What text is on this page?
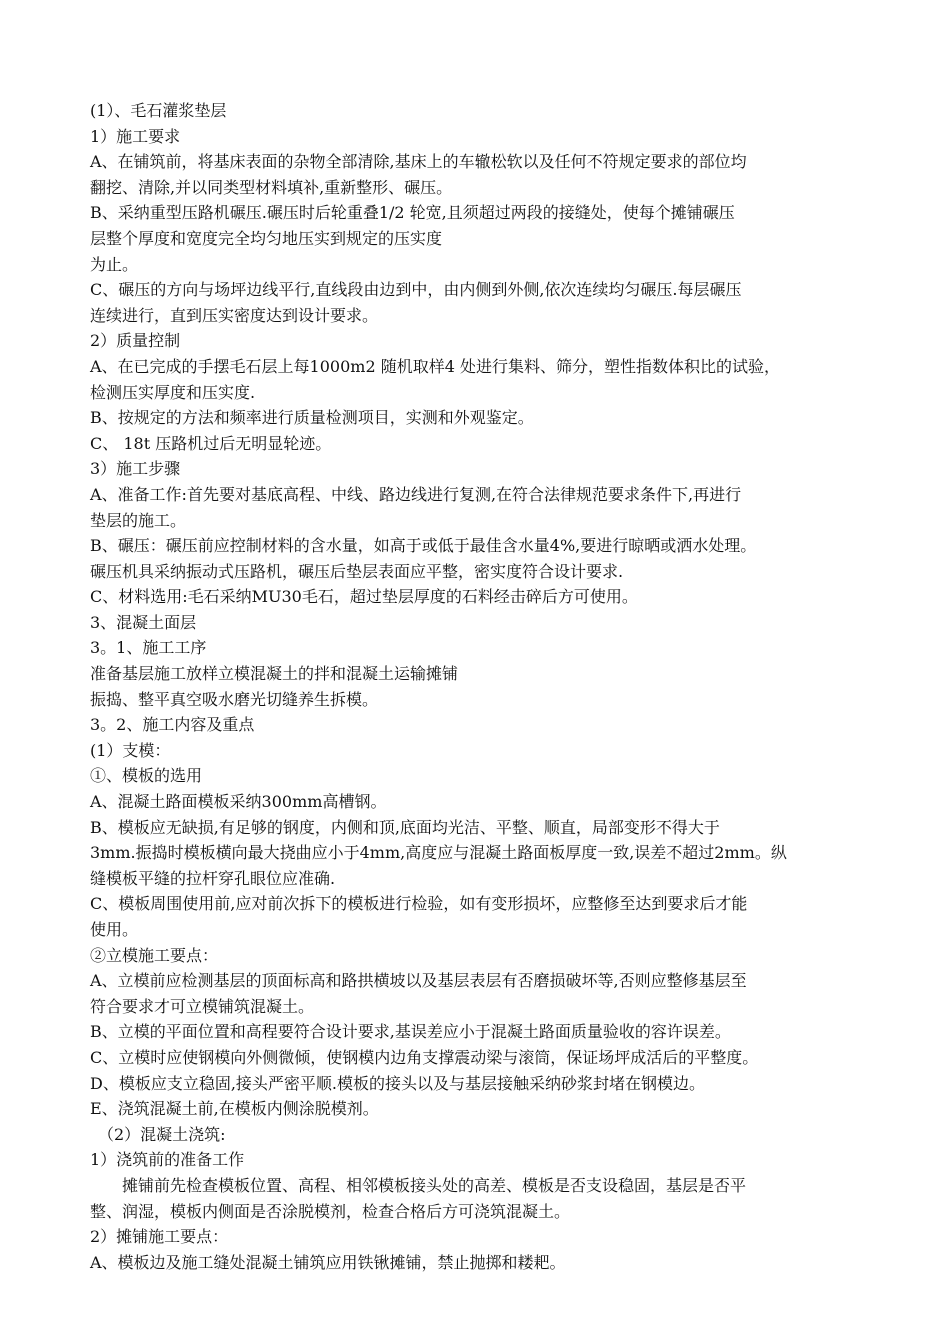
(1）、毛石灌浆垫层
1）施工要求
A、在铺筑前，将基床表面的杂物全部清除,基床上的车辙松软以及任何不符规定要求的部位均
翻挖、清除,并以同类型材料填补,重新整形、碾压。
B、采纳重型压路机碾压.碾压时后轮重叠1/2 轮宽,且须超过两段的接缝处，使每个摊铺碾压
层整个厚度和宽度完全均匀地压实到规定的压实度
为止。
C、碾压的方向与场坪边线平行,直线段由边到中，由内侧到外侧,依次连续均匀碾压.每层碾压
连续进行，直到压实密度达到设计要求。
2）质量控制
A、在已完成的手摆毛石层上每1000m2 随机取样4 处进行集料、筛分，塑性指数体积比的试验，
检测压实厚度和压实度.
B、按规定的方法和频率进行质量检测项目，实测和外观鉴定。
C、 18t 压路机过后无明显轮迹。
3）施工步骤
A、准备工作:首先要对基底高程、中线、路边线进行复测,在符合法律规范要求条件下,再进行
垫层的施工。
B、碾压：碾压前应控制材料的含水量，如高于或低于最佳含水量4%,要进行晾晒或洒水处理。
碾压机具采纳振动式压路机，碾压后垫层表面应平整，密实度符合设计要求.
C、材料选用:毛石采纳MU30毛石，超过垫层厚度的石料经击碎后方可使用。
3、混凝土面层
3。1、施工工序
准备基层施工放样立模混凝土的拌和混凝土运输摊铺
振捣、整平真空吸水磨光切缝养生拆模。
3。2、施工内容及重点
(1）支模：
①、模板的选用
A、混凝土路面模板采纳300mm高槽钢。
B、模板应无缺损,有足够的钢度，内侧和顶,底面均光洁、平整、顺直，局部变形不得大于
3mm.振捣时模板横向最大挠曲应小于4mm,高度应与混凝土路面板厚度一致,误差不超过2mm。纵
缝模板平缝的拉杆穿孔眼位应准确.
C、模板周围使用前,应对前次拆下的模板进行检验，如有变形损坏，应整修至达到要求后才能
使用。
②立模施工要点：
A、立模前应检测基层的顶面标高和路拱横坡以及基层表层有否磨损破坏等,否则应整修基层至
符合要求才可立模铺筑混凝土。
B、立模的平面位置和高程要符合设计要求,基误差应小于混凝土路面质量验收的容许误差。
C、立模时应使钢模向外侧微倾，使钢模内边角支撑震动梁与滚筒，保证场坪成活后的平整度。
D、模板应支立稳固,接头严密平顺.模板的接头以及与基层接触采纳砂浆封堵在钢模边。
E、浇筑混凝土前,在模板内侧涂脱模剂。
（2）混凝土浇筑:
1）浇筑前的准备工作
摊铺前先检查模板位置、高程、相邻模板接头处的高差、模板是否支设稳固，基层是否平
整、润湿，模板内侧面是否涂脱模剂，检查合格后方可浇筑混凝土。
2）摊铺施工要点：
A、模板边及施工缝处混凝土铺筑应用铁锹摊铺，禁止抛掷和耧耙。
